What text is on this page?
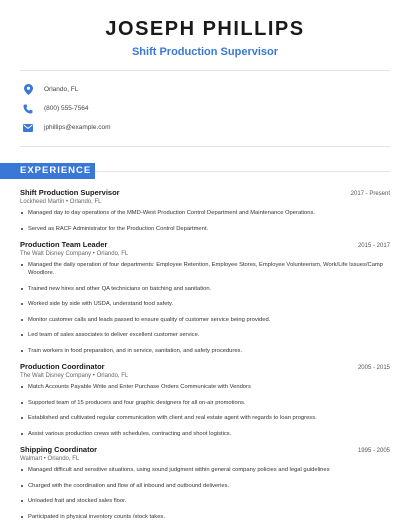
JOSEPH PHILLIPS
Shift Production Supervisor
Orlando, FL
(800) 555-7564
jphillips@example.com
EXPERIENCE
Shift Production Supervisor	2017 - Present
Lockheed Martin • Orlando, FL
Managed day to day operations of the MMD-West Production Control Department and Maintenance Operations.
Served as RACF Administrator for the Production Control Department.
Production Team Leader	2015 - 2017
The Walt Disney Company • Orlando, FL
Managed the daily operation of four departments: Employee Retention, Employee Stores, Employee Volunteerism, Work/Life Issues/Camp Woodlore.
Trained new hires and other QA technicians on batching and sanitation.
Worked side by side with USDA, understand food safety.
Monitor customer calls and leads passed to ensure quality of customer service being provided.
Led team of sales associates to deliver excellent customer service.
Train workers in food preparation, and in service, sanitation, and safety procedures.
Production Coordinator	2005 - 2015
The Walt Disney Company • Orlando, FL
Match Accounts Payable Write and Enter Purchase Orders Communicate with Vendors
Supported team of 15 producers and four graphic designers for all on-air promotions.
Established and cultivated regular communication with client and real estate agent with regards to loan progress.
Assist various production crews with schedules, contracting and shoot logistics.
Shipping Coordinator	1995 - 2005
Walmart • Orlando, FL
Managed difficult and sensitive situations, using sound judgment within general company policies and legal guidelines
Charged with the coordination and flow of all inbound and outbound deliveries.
Unloaded frait and stocked sales floor.
Participated in physical inventory counts /stock takes.
